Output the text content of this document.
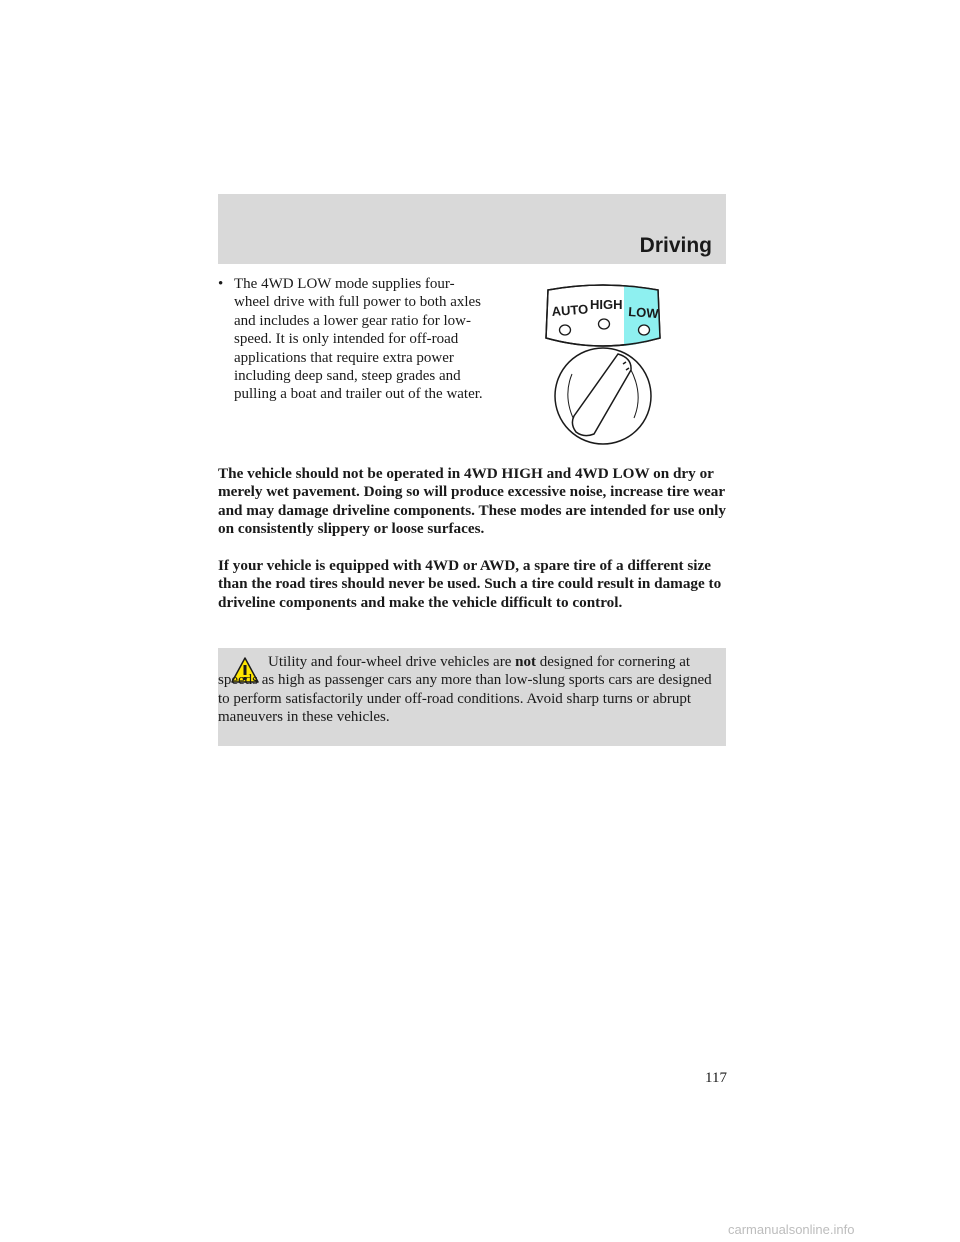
Driving
• The 4WD LOW mode supplies four-wheel drive with full power to both axles and includes a lower gear ratio for low-speed. It is only intended for off-road applications that require extra power including deep sand, steep grades and pulling a boat and trailer out of the water.
AUTO HIGH LOW

The vehicle should not be operated in 4WD HIGH and 4WD LOW on dry or merely wet pavement. Doing so will produce excessive noise, increase tire wear and may damage driveline components. These modes are intended for use only on consistently slippery or loose surfaces.

If your vehicle is equipped with 4WD or AWD, a spare tire of a different size than the road tires should never be used. Such a tire could result in damage to driveline components and make the vehicle difficult to control.

Utility and four-wheel drive vehicles are not designed for cornering at speeds as high as passenger cars any more than low-slung sports cars are designed to perform satisfactorily under off-road conditions. Avoid sharp turns or abrupt maneuvers in these vehicles.
117
carmanualsonline.info
